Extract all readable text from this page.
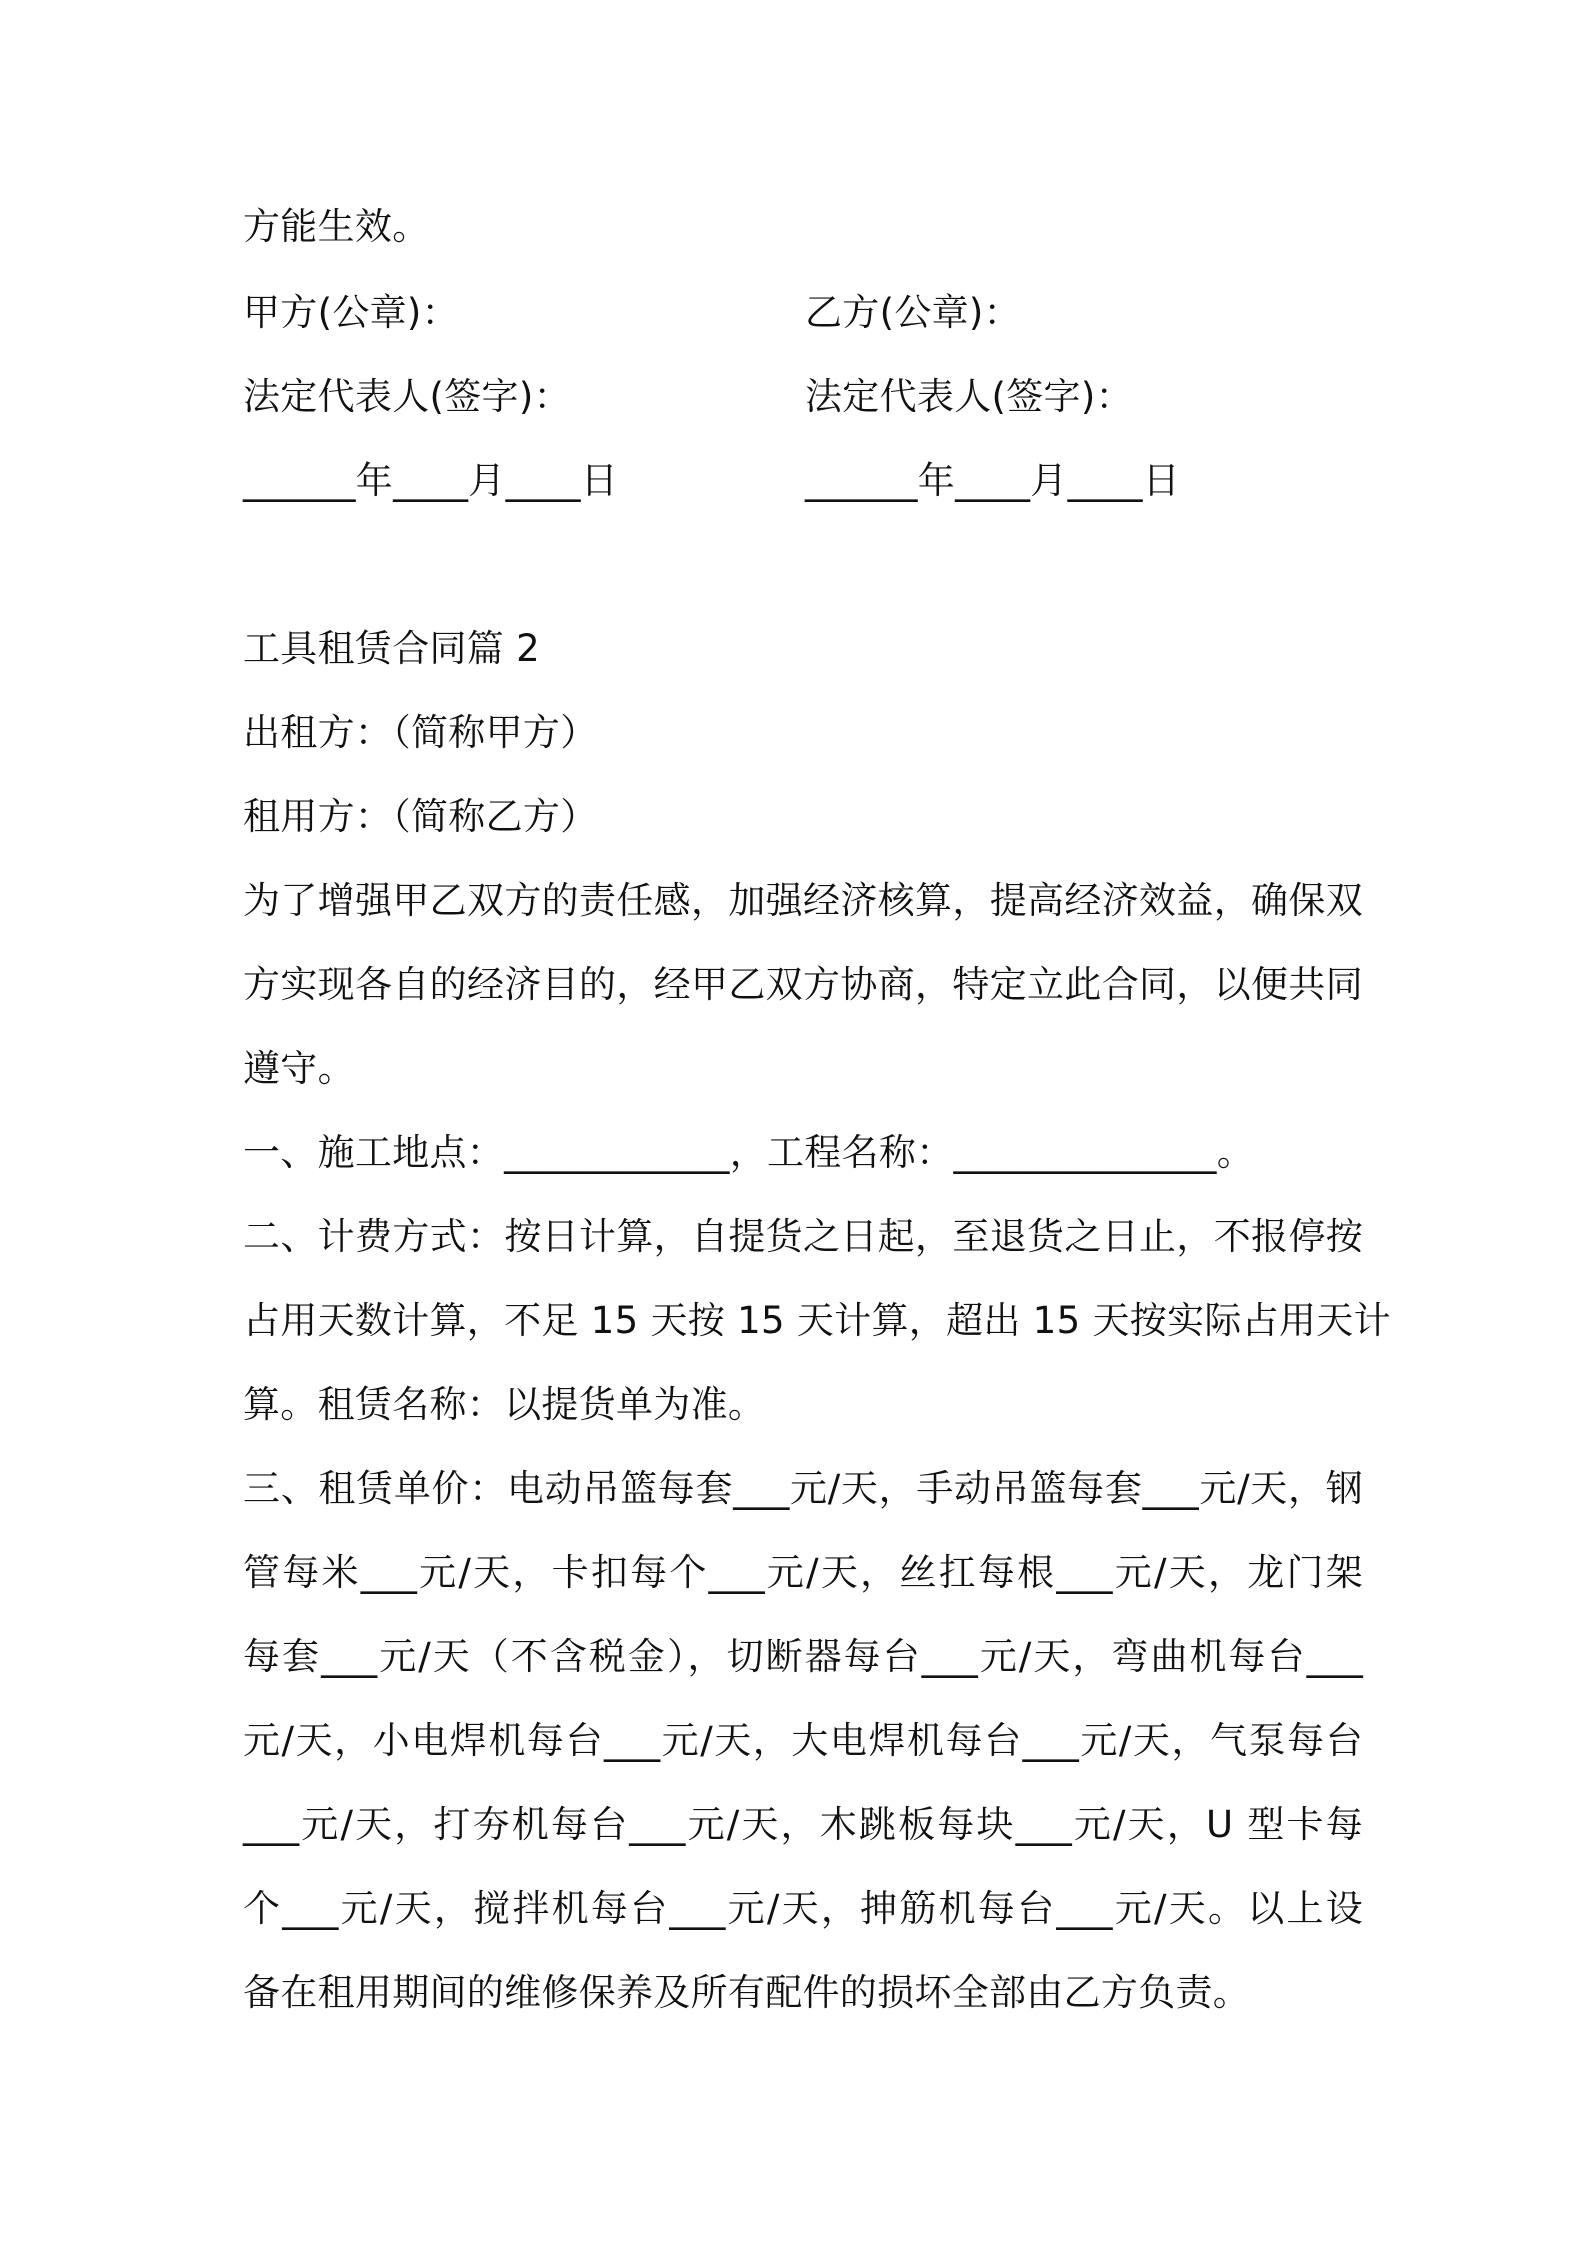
方能生效。
甲方(公章)：	乙方(公章)：
法定代表人(签字)：	法定代表人(签字)：
______年____月____日	______年____月____日
工具租赁合同篇 2
出租方：（简称甲方）
租用方：（简称乙方）
为了增强甲乙双方的责任感，加强经济核算，提高经济效益，确保双
方实现各自的经济目的，经甲乙双方协商，特定立此合同，以便共同
遵守。
一、施工地点：____________，工程名称：______________。
二、计费方式：按日计算，自提货之日起，至退货之日止，不报停按
占用天数计算，不足 15 天按 15 天计算，超出 15 天按实际占用天计
算。租赁名称：以提货单为准。
三、租赁单价：电动吊篮每套___元/天，手动吊篮每套___元/天，钢
管每米___元/天，卡扣每个___元/天，丝扛每根___元/天，龙门架
每套___元/天（不含税金），切断器每台___元/天，弯曲机每台___
元/天，小电焊机每台___元/天，大电焊机每台___元/天，气泵每台
___元/天，打夯机每台___元/天，木跳板每块___元/天，U 型卡每
个___元/天，搅拌机每台___元/天，抻筋机每台___元/天。以上设
备在租用期间的维修保养及所有配件的损坏全部由乙方负责。
